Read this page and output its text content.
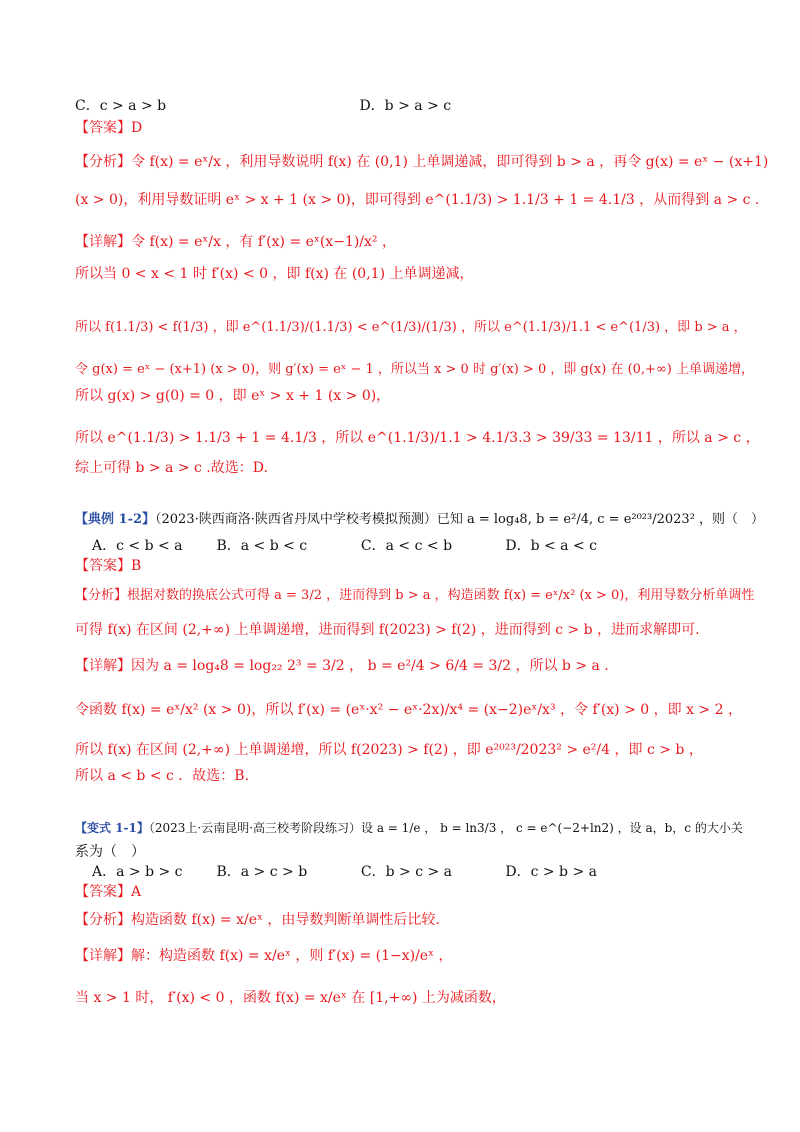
C．c > a > b	D．b > a > c
【答案】D
【分析】令 f(x) = eˣ/x ，利用导数说明 f(x) 在 (0,1) 上单调递减，即可得到 b > a ，再令 g(x) = eˣ − (x+1)
(x > 0)，利用导数证明 eˣ > x + 1 (x > 0)，即可得到 e^(1.1/3) > 1.1/3 + 1 = 4.1/3 ，从而得到 a > c .
【详解】令 f(x) = eˣ/x ，有 f′(x) = eˣ(x−1)/x² ，
所以当 0 < x < 1 时 f′(x) < 0 ，即 f(x) 在 (0,1) 上单调递减，
所以 f(1.1/3) < f(1/3) ，即 e^(1.1/3)/(1.1/3) < e^(1/3)/(1/3) ，所以 e^(1.1/3)/1.1 < e^(1/3) ，即 b > a ，
令 g(x) = eˣ − (x+1) (x > 0)，则 g′(x) = eˣ − 1 ，所以当 x > 0 时 g′(x) > 0 ，即 g(x) 在 (0,+∞) 上单调递增，
所以 g(x) > g(0) = 0 ，即 eˣ > x + 1 (x > 0)，
所以 e^(1.1/3) > 1.1/3 + 1 = 4.1/3 ，所以 e^(1.1/3)/1.1 > 4.1/3.3 > 39/33 = 13/11 ，所以 a > c ，
综上可得 b > a > c .故选：D.
【典例 1-2】（2023·陕西商洛·陕西省丹凤中学校考模拟预测）已知 a = log₄8, b = e²/4, c = e²⁰²³/2023² ，则（　）
A．c < b < a B．a < b < c	C．a < c < b	D．b < a < c
【答案】B
【分析】根据对数的换底公式可得 a = 3/2 ，进而得到 b > a ，构造函数 f(x) = eˣ/x² (x > 0)，利用导数分析单调性
可得 f(x) 在区间 (2,+∞) 上单调递增，进而得到 f(2023) > f(2) ，进而得到 c > b ，进而求解即可.
【详解】因为 a = log₄8 = log₂₂ 2³ = 3/2 ， b = e²/4 > 6/4 = 3/2 ，所以 b > a .
令函数 f(x) = eˣ/x² (x > 0)，所以 f′(x) = (eˣ·x² − eˣ·2x)/x⁴ = (x−2)eˣ/x³ ，令 f′(x) > 0 ，即 x > 2 ，
所以 f(x) 在区间 (2,+∞) 上单调递增，所以 f(2023) > f(2) ，即 e²⁰²³/2023² > e²/4 ，即 c > b ，
所以 a < b < c ．故选：B.
【变式 1-1】（2023上·云南昆明·高三校考阶段练习）设 a = 1/e ， b = ln3/3 ， c = e^(−2+ln2) ，设 a，b，c 的大小关
系为（　）
A．a > b > c B．a > c > b	C．b > c > a	D．c > b > a
【答案】A
【分析】构造函数 f(x) = x/eˣ ，由导数判断单调性后比较.
【详解】解：构造函数 f(x) = x/eˣ ，则 f′(x) = (1−x)/eˣ ，
当 x > 1 时， f′(x) < 0 ，函数 f(x) = x/eˣ 在 [1,+∞) 上为减函数，
